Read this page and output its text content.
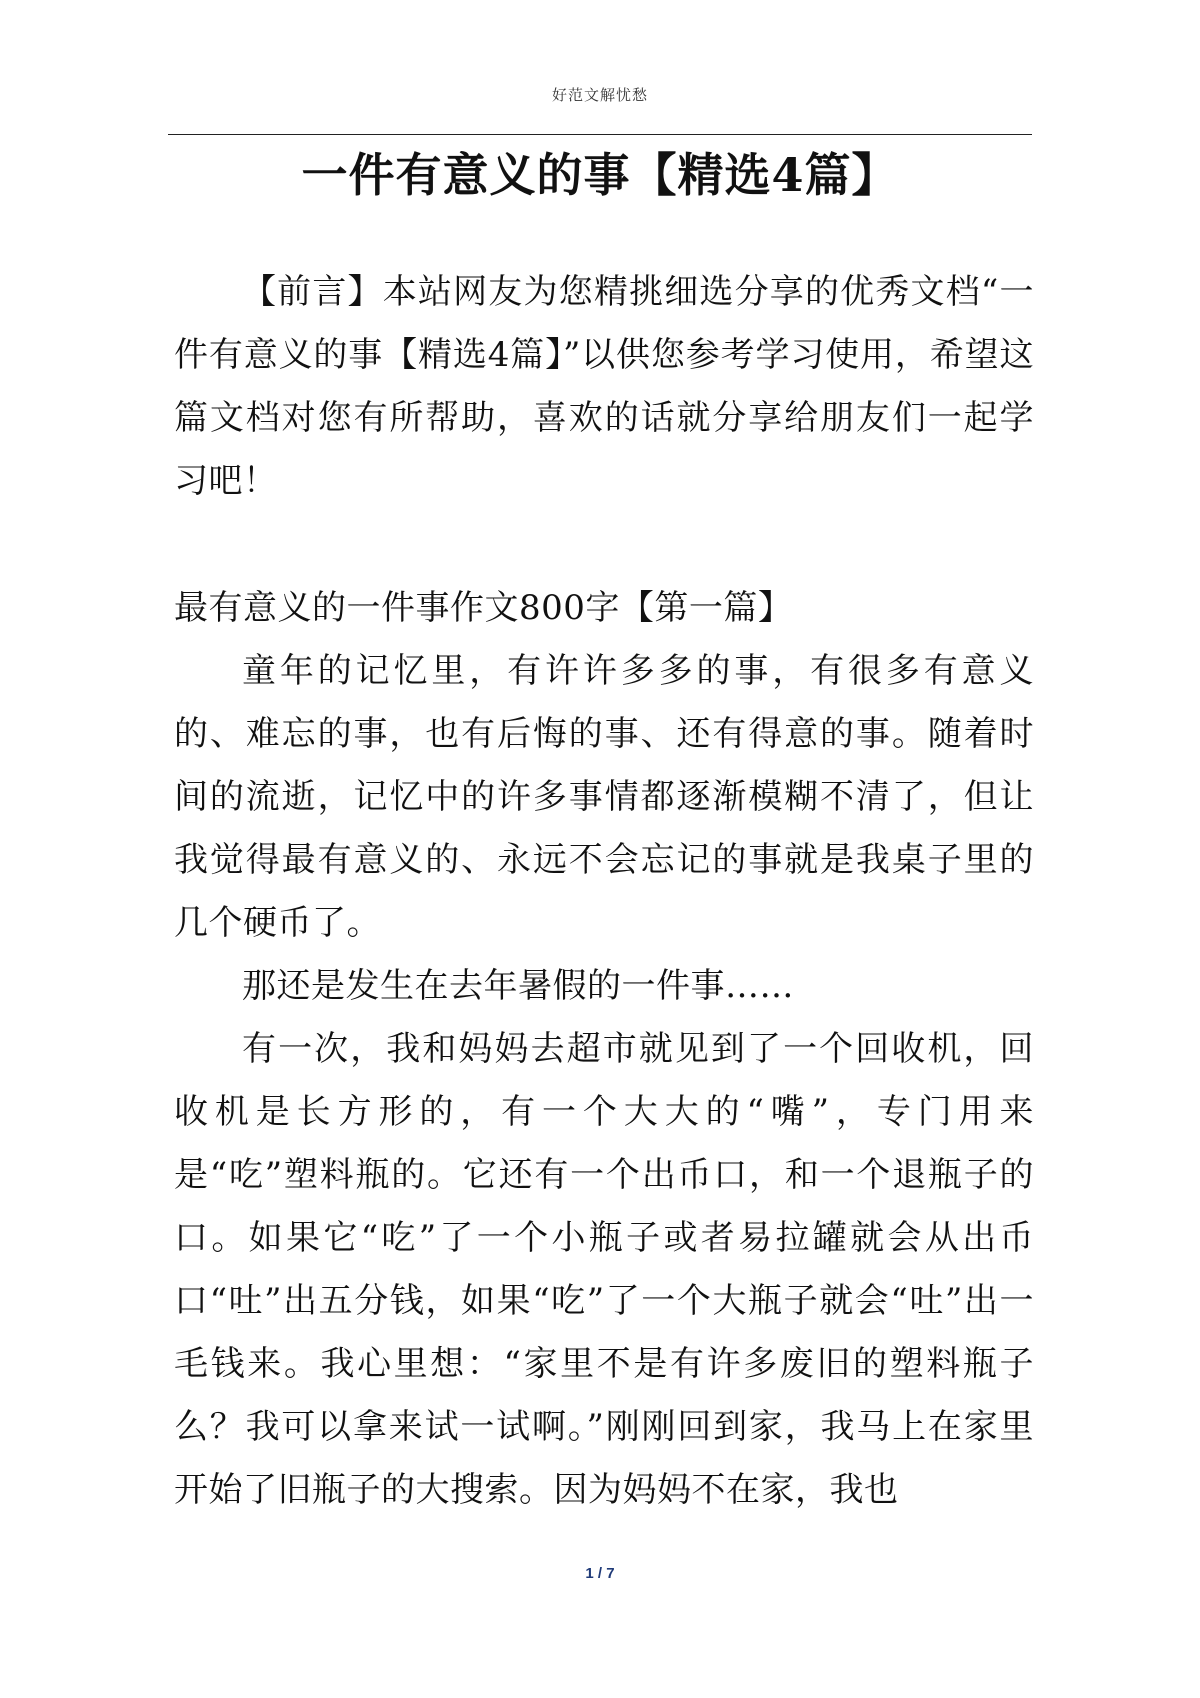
好范文解忧愁
一件有意义的事【精选4篇】

【前言】本站网友为您精挑细选分享的优秀文档“一件有意义的事【精选4篇】”以供您参考学习使用，希望这篇文档对您有所帮助，喜欢的话就分享给朋友们一起学习吧！

最有意义的一件事作文800字【第一篇】

童年的记忆里，有许许多多的事，有很多有意义的、难忘的事，也有后悔的事、还有得意的事。随着时间的流逝，记忆中的许多事情都逐渐模糊不清了，但让我觉得最有意义的、永远不会忘记的事就是我桌子里的几个硬币了。

那还是发生在去年暑假的一件事……

有一次，我和妈妈去超市就见到了一个回收机，回收机是长方形的，有一个大大的“嘴”，专门用来是“吃”塑料瓶的。它还有一个出币口，和一个退瓶子的口。如果它“吃”了一个小瓶子或者易拉罐就会从出币口“吐”出五分钱，如果“吃”了一个大瓶子就会“吐”出一毛钱来。我心里想：“家里不是有许多废旧的塑料瓶子么？我可以拿来试一试啊。”刚刚回到家，我马上在家里开始了旧瓶子的大搜索。因为妈妈不在家，我也

1 / 7
